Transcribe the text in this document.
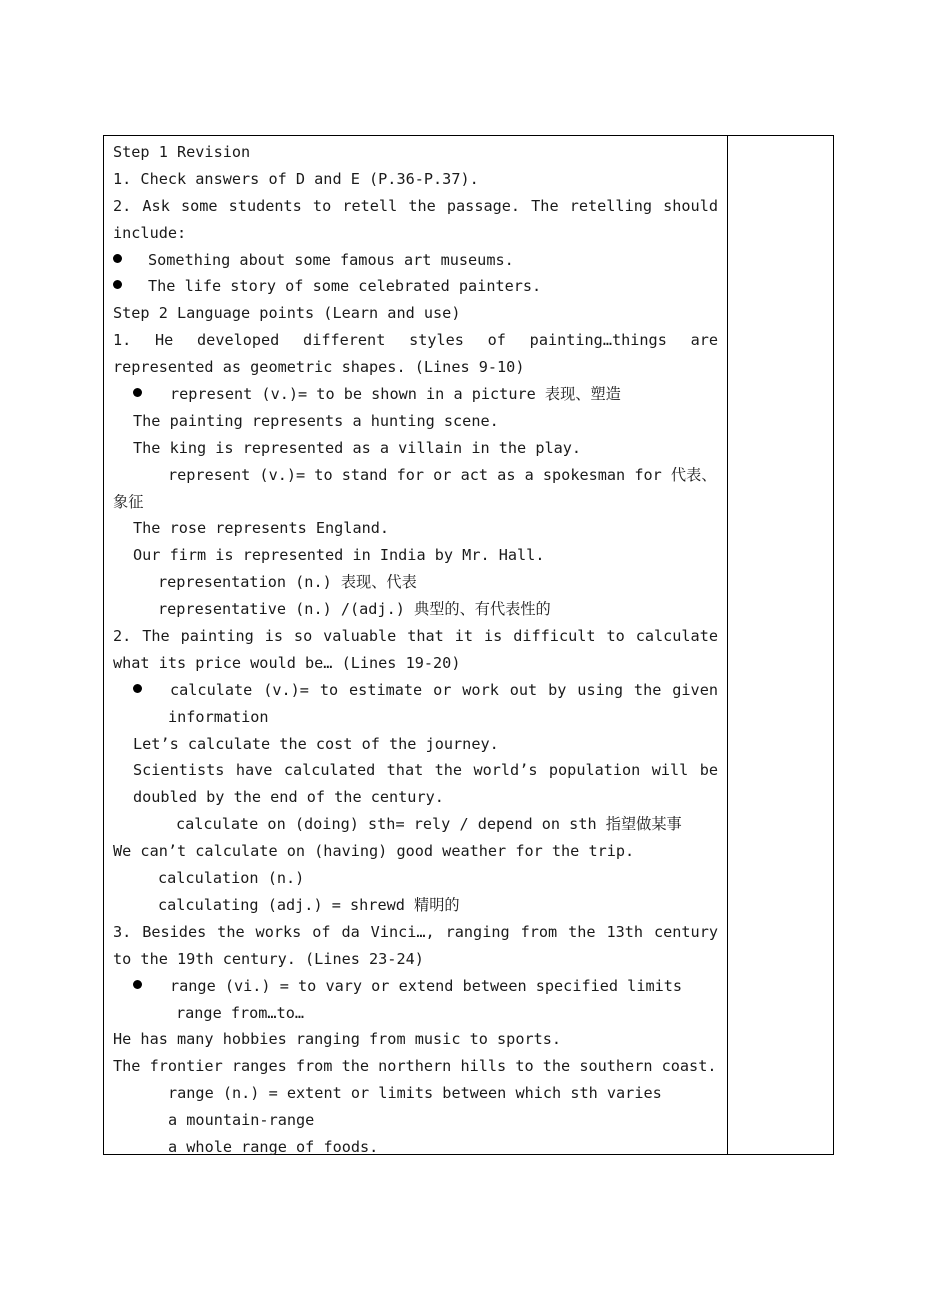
Step 1 Revision
1. Check answers of D and E (P.36-P.37).
2. Ask some students to retell the passage. The retelling should
include:
Something about some famous art museums.
The life story of some celebrated painters.
Step 2 Language points (Learn and use)
1. He developed different styles of painting…things are
represented as geometric shapes. (Lines 9-10)
represent (v.)= to be shown in a picture 表现、塑造
The painting represents a hunting scene.
The king is represented as a villain in the play.
represent (v.)= to stand for or act as a spokesman for 代表、
象征
The rose represents England.
Our firm is represented in India by Mr. Hall.
representation (n.) 表现、代表
representative (n.) /(adj.) 典型的、有代表性的
2. The painting is so valuable that it is difficult to calculate
what its price would be… (Lines 19-20)
calculate (v.)= to estimate or work out by using the given
information
Let’s calculate the cost of the journey.
Scientists have calculated that the world’s population will be
doubled by the end of the century.
calculate on (doing) sth= rely / depend on sth 指望做某事
We can’t calculate on (having) good weather for the trip.
calculation (n.)
calculating (adj.) = shrewd 精明的
3. Besides the works of da Vinci…, ranging from the 13th century
to the 19th century. (Lines 23-24)
range (vi.) = to vary or extend between specified limits
range from…to…
He has many hobbies ranging from music to sports.
The frontier ranges from the northern hills to the southern coast.
range (n.) = extent or limits between which sth varies
a mountain-range
a whole range of foods.
